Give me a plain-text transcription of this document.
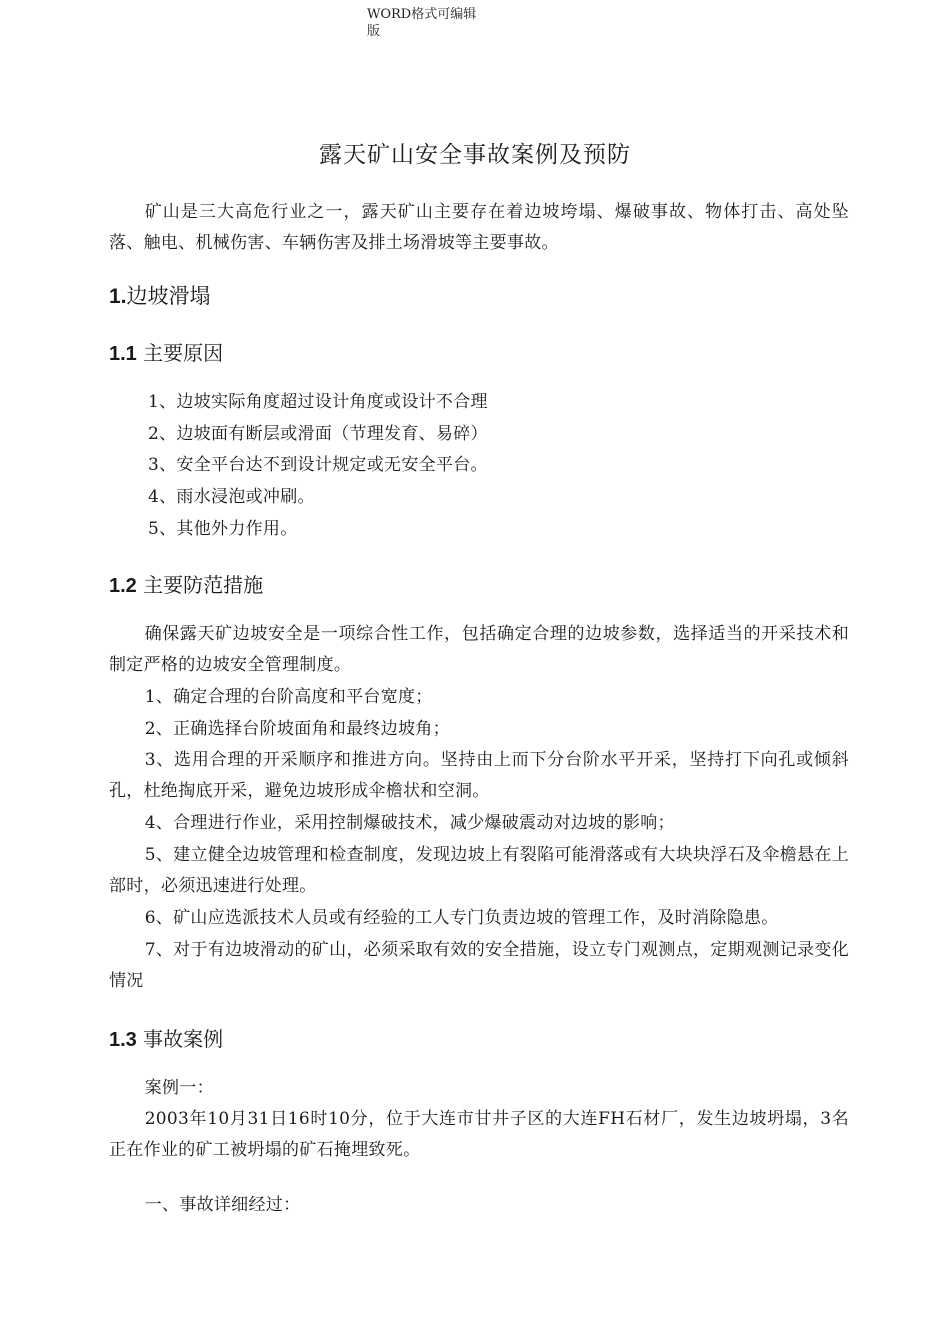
WORD格式可编辑版
露天矿山安全事故案例及预防

矿山是三大高危行业之一，露天矿山主要存在着边坡垮塌、爆破事故、物体打击、高处坠落、触电、机械伤害、车辆伤害及排土场滑坡等主要事故。

1.边坡滑塌
1.1 主要原因

1、边坡实际角度超过设计角度或设计不合理

2、边坡面有断层或滑面（节理发育、易碎）

3、安全平台达不到设计规定或无安全平台。

4、雨水浸泡或冲刷。

5、其他外力作用。

1.2 主要防范措施

确保露天矿边坡安全是一项综合性工作，包括确定合理的边坡参数，选择适当的开采技术和制定严格的边坡安全管理制度。

1、确定合理的台阶高度和平台宽度；

2、正确选择台阶坡面角和最终边坡角；

3、选用合理的开采顺序和推进方向。坚持由上而下分台阶水平开采，坚持打下向孔或倾斜孔，杜绝掏底开采，避免边坡形成伞檐状和空洞。

4、合理进行作业，采用控制爆破技术，减少爆破震动对边坡的影响；

5、建立健全边坡管理和检查制度，发现边坡上有裂陷可能滑落或有大块块浮石及伞檐悬在上部时，必须迅速进行处理。

6、矿山应选派技术人员或有经验的工人专门负责边坡的管理工作，及时消除隐患。

7、对于有边坡滑动的矿山，必须采取有效的安全措施，设立专门观测点，定期观测记录变化情况

1.3 事故案例

案例一：

2003年10月31日16时10分，位于大连市甘井子区的大连FH石材厂，发生边坡坍塌，3名正在作业的矿工被坍塌的矿石掩埋致死。

一、事故详细经过：
